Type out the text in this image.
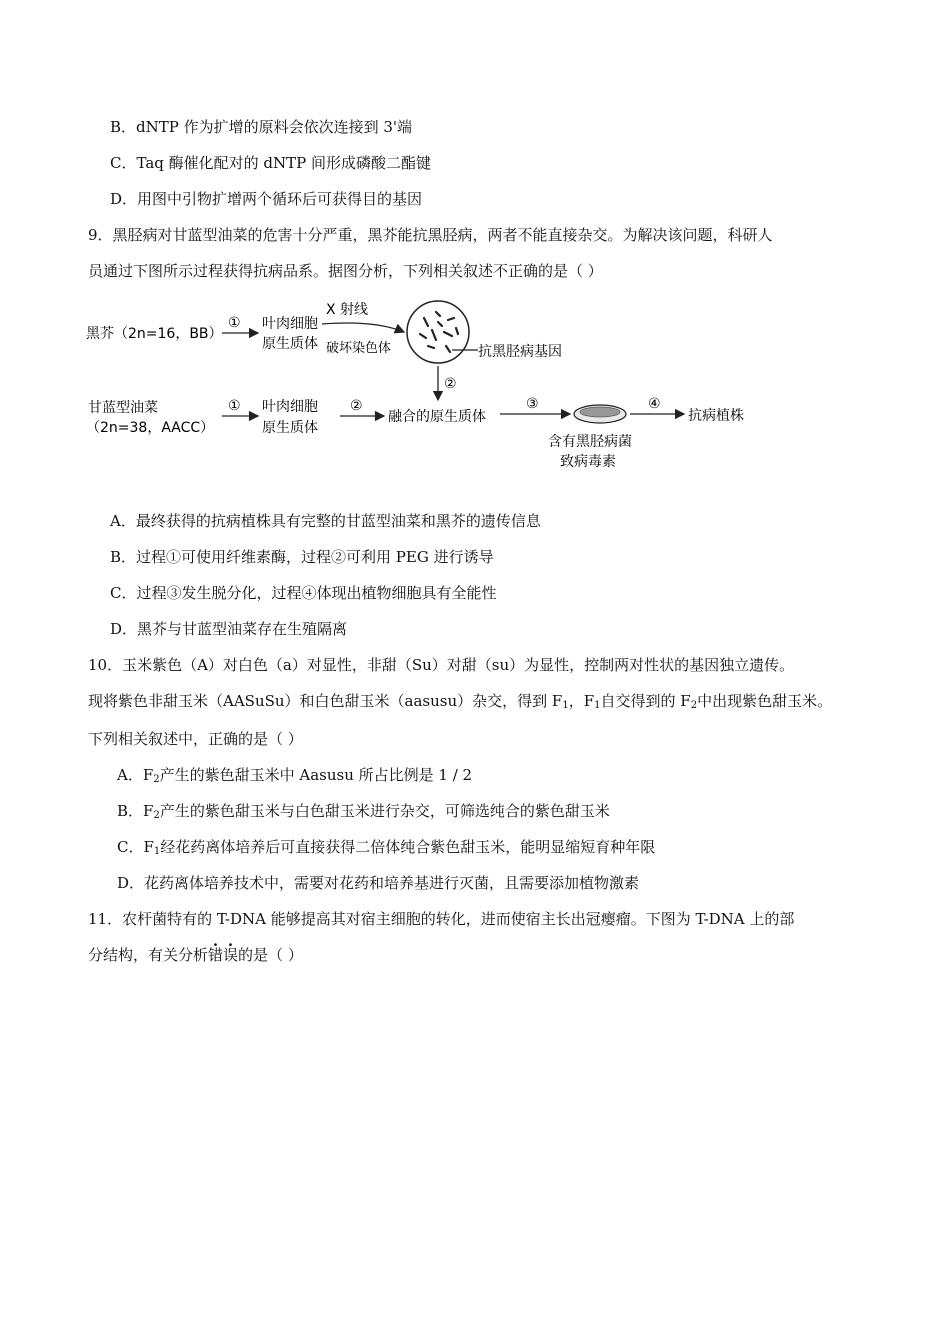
B．dNTP 作为扩增的原料会依次连接到 3'端
C．Taq 酶催化配对的 dNTP 间形成磷酸二酯键
D．用图中引物扩增两个循环后可获得目的基因
9．黑胫病对甘蓝型油菜的危害十分严重，黑芥能抗黑胫病，两者不能直接杂交。为解决该问题，科研人
员通过下图所示过程获得抗病品系。据图分析，下列相关叙述不正确的是（ ）
黑芥（2n=16，BB）
① 叶肉细胞
原生质体
X 射线
破坏染色体	抗黑胫病基因
②
甘蓝型油菜
（2n=38，AACC）
① 叶肉细胞
原生质体
②
融合的原生质体
③
含有黑胫病菌
致病毒素
④
抗病植株
A．最终获得的抗病植株具有完整的甘蓝型油菜和黑芥的遗传信息
B．过程①可使用纤维素酶，过程②可利用 PEG 进行诱导
C．过程③发生脱分化，过程④体现出植物细胞具有全能性
D．黑芥与甘蓝型油菜存在生殖隔离
10．玉米紫色（A）对白色（a）对显性，非甜（Su）对甜（su）为显性，控制两对性状的基因独立遗传。
现将紫色非甜玉米（AASuSu）和白色甜玉米（aasusu）杂交，得到 $F_1$，$F_1$自交得到的 $F_2$中出现紫色甜玉米。
下列相关叙述中，正确的是（ ）
A．$F_2$产生的紫色甜玉米中 Aasusu 所占比例是 1 / 2
B．$F_2$产生的紫色甜玉米与白色甜玉米进行杂交，可筛选纯合的紫色甜玉米
C．$F_1$经花药离体培养后可直接获得二倍体纯合紫色甜玉米，能明显缩短育种年限
D．花药离体培养技术中，需要对花药和培养基进行灭菌，且需要添加植物激素
11．农杆菌特有的 T-DNA 能够提高其对宿主细胞的转化，进而使宿主长出冠瘿瘤。下图为 T-DNA 上的部
分结构，有关分析错误的是（ ）
